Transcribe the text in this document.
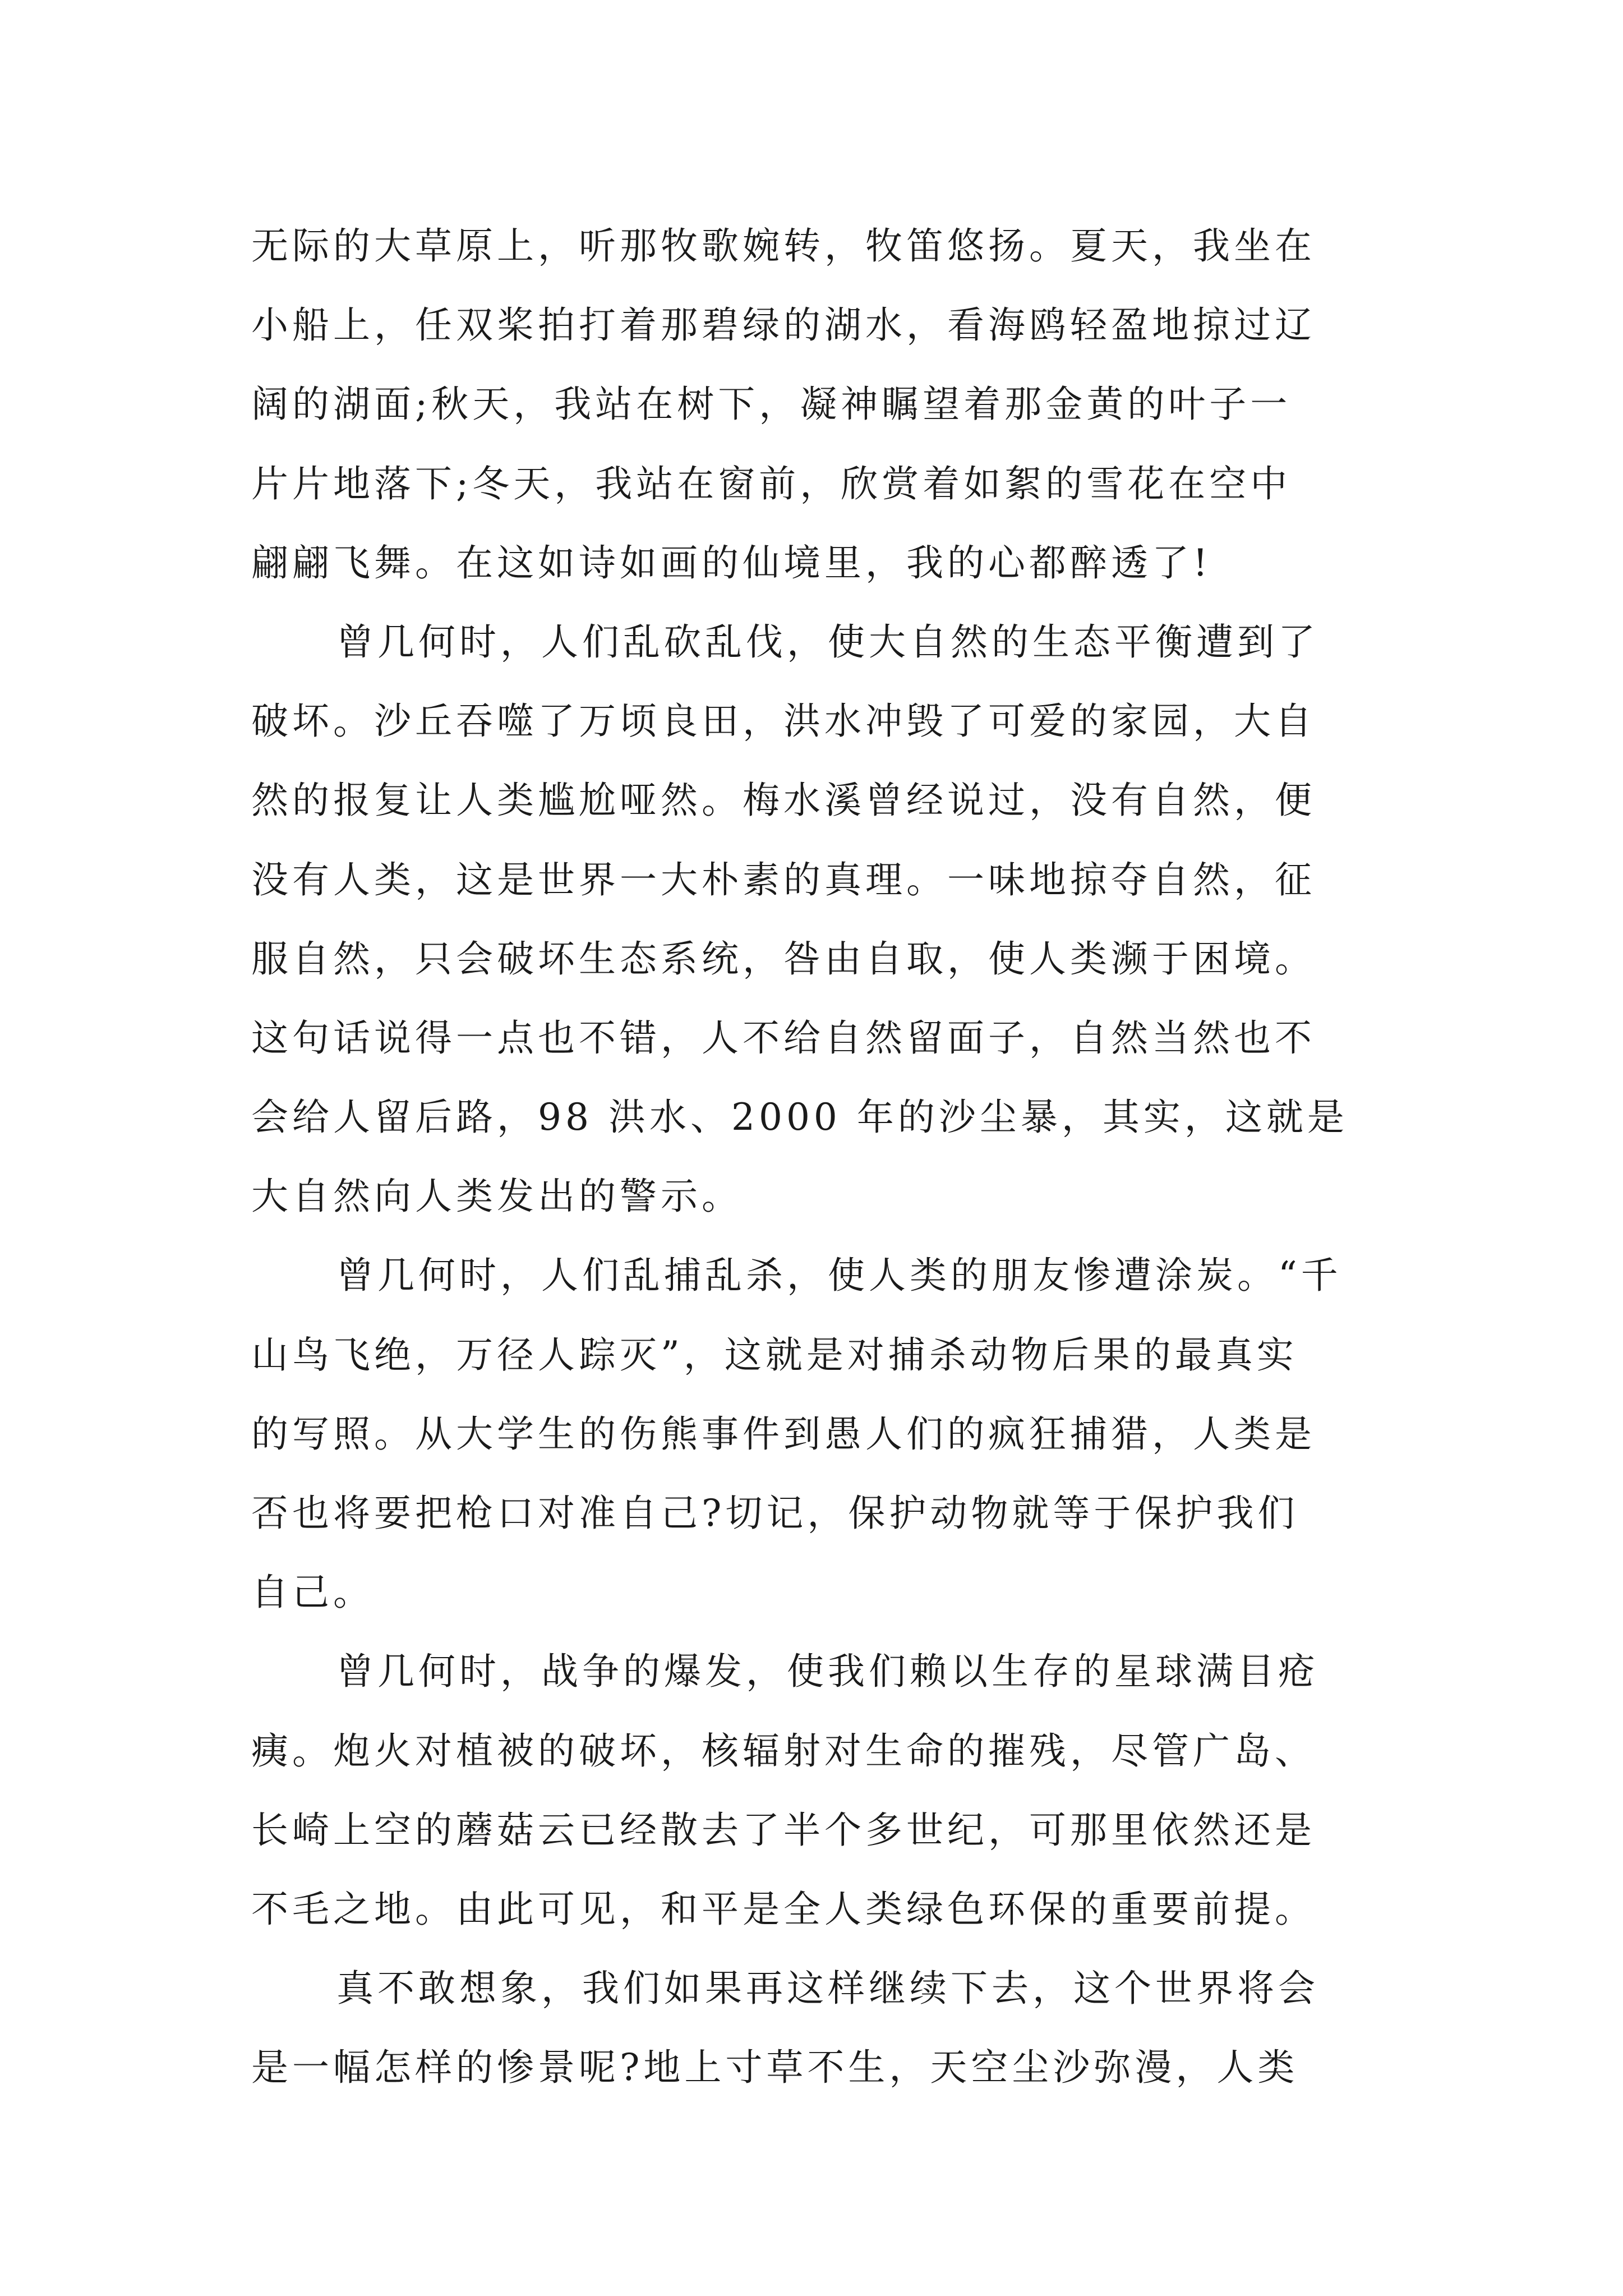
无际的大草原上，听那牧歌婉转，牧笛悠扬。夏天，我坐在
小船上，任双桨拍打着那碧绿的湖水，看海鸥轻盈地掠过辽
阔的湖面;秋天，我站在树下，凝神瞩望着那金黄的叶子一
片片地落下;冬天，我站在窗前，欣赏着如絮的雪花在空中
翩翩飞舞。在这如诗如画的仙境里，我的心都醉透了!
曾几何时，人们乱砍乱伐，使大自然的生态平衡遭到了
破坏。沙丘吞噬了万顷良田，洪水冲毁了可爱的家园，大自
然的报复让人类尴尬哑然。梅水溪曾经说过，没有自然，便
没有人类，这是世界一大朴素的真理。一味地掠夺自然，征
服自然，只会破坏生态系统，咎由自取，使人类濒于困境。
这句话说得一点也不错，人不给自然留面子，自然当然也不
会给人留后路，98 洪水、2000 年的沙尘暴，其实，这就是
大自然向人类发出的警示。
曾几何时，人们乱捕乱杀，使人类的朋友惨遭涂炭。“千
山鸟飞绝，万径人踪灭”，这就是对捕杀动物后果的最真实
的写照。从大学生的伤熊事件到愚人们的疯狂捕猎，人类是
否也将要把枪口对准自己?切记，保护动物就等于保护我们
自己。
曾几何时，战争的爆发，使我们赖以生存的星球满目疮
痍。炮火对植被的破坏，核辐射对生命的摧残，尽管广岛、
长崎上空的蘑菇云已经散去了半个多世纪，可那里依然还是
不毛之地。由此可见，和平是全人类绿色环保的重要前提。
真不敢想象，我们如果再这样继续下去，这个世界将会
是一幅怎样的惨景呢?地上寸草不生，天空尘沙弥漫，人类
